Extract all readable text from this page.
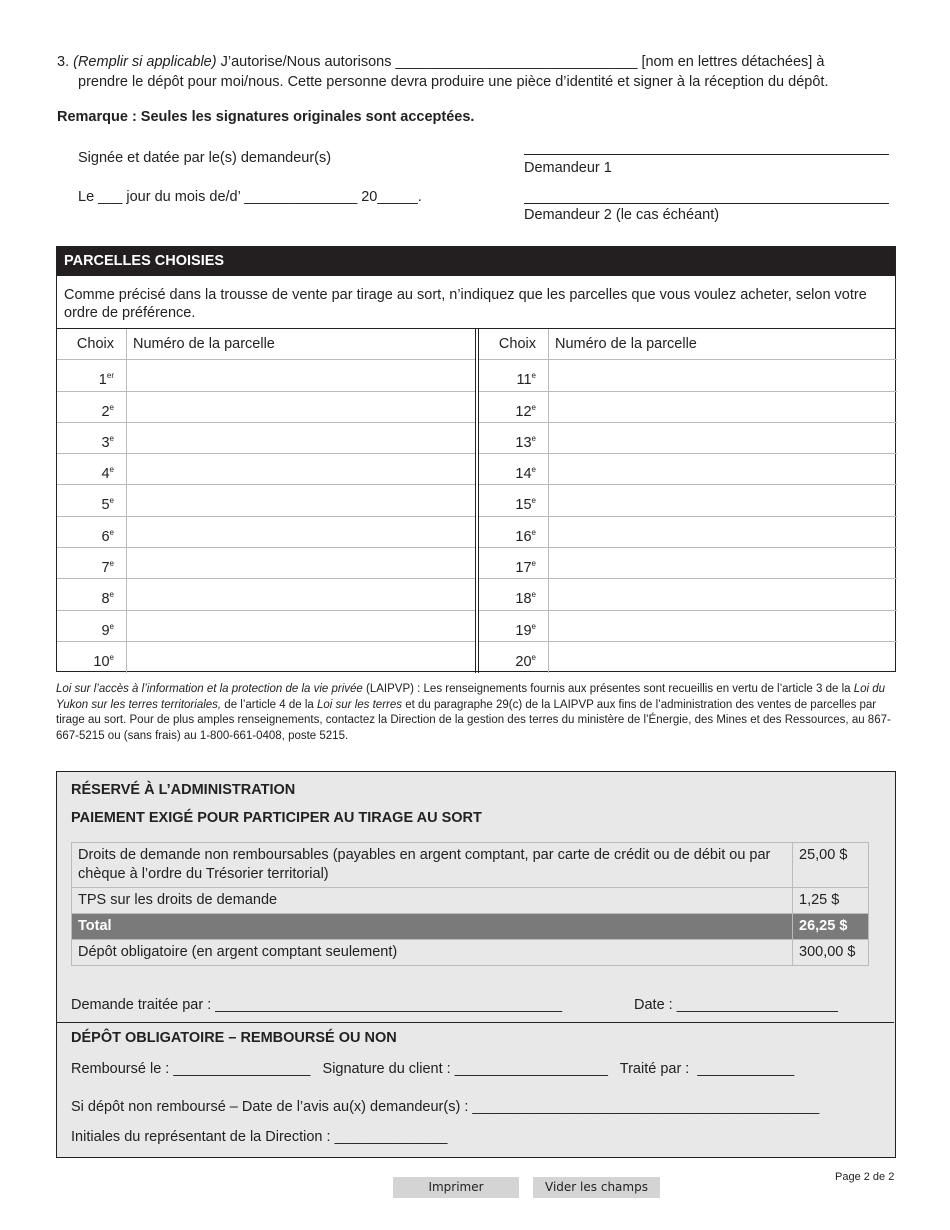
3. (Remplir si applicable) J’autorise/Nous autorisons ______________________________ [nom en lettres détachées] à
prendre le dépôt pour moi/nous. Cette personne devra produire une pièce d’identité et signer à la réception du dépôt.
Remarque : Seules les signatures originales sont acceptées.
Signée et datée par le(s) demandeur(s)
Le ___ jour du mois de/d’ ______________ 20_____.
Demandeur 1
Demandeur 2 (le cas échéant)
PARCELLES CHOISIES
Comme précisé dans la trousse de vente par tirage au sort, n’indiquez que les parcelles que vous voulez acheter, selon votre ordre de préférence.
Choix	Numéro de la parcelle
1er
2e
3e
4e
5e
6e
7e
8e
9e
10e
Choix	Numéro de la parcelle
11e
12e
13e
14e
15e
16e
17e
18e
19e
20e
Loi sur l’accès à l’information et la protection de la vie privée (LAIPVP) : Les renseignements fournis aux présentes sont recueillis en vertu de l’article 3 de la Loi du Yukon sur les terres territoriales, de l’article 4 de la Loi sur les terres et du paragraphe 29(c) de la LAIPVP aux fins de l’administration des ventes de parcelles par tirage au sort. Pour de plus amples renseignements, contactez la Direction de la gestion des terres du ministère de l’Énergie, des Mines et des Ressources, au 867-667-5215 ou (sans frais) au 1-800-661-0408, poste 5215.
RÉSERVÉ À L’ADMINISTRATION
PAIEMENT EXIGÉ POUR PARTICIPER AU TIRAGE AU SORT
Droits de demande non remboursables (payables en argent comptant, par carte de crédit ou de débit ou par chèque à l’ordre du Trésorier territorial)	25,00 $
TPS sur les droits de demande	1,25 $
Total	26,25 $
Dépôt obligatoire (en argent comptant seulement)	300,00 $
Demande traitée par : ___________________________________________	Date : ____________________
DÉPÔT OBLIGATOIRE – REMBOURSÉ OU NON
Remboursé le : _________________   Signature du client : ___________________   Traité par :  ____________
Si dépôt non remboursé – Date de l’avis au(x) demandeur(s) : ___________________________________________
Initiales du représentant de la Direction : ______________
Imprimer	Vider les champs
Page 2 de 2
